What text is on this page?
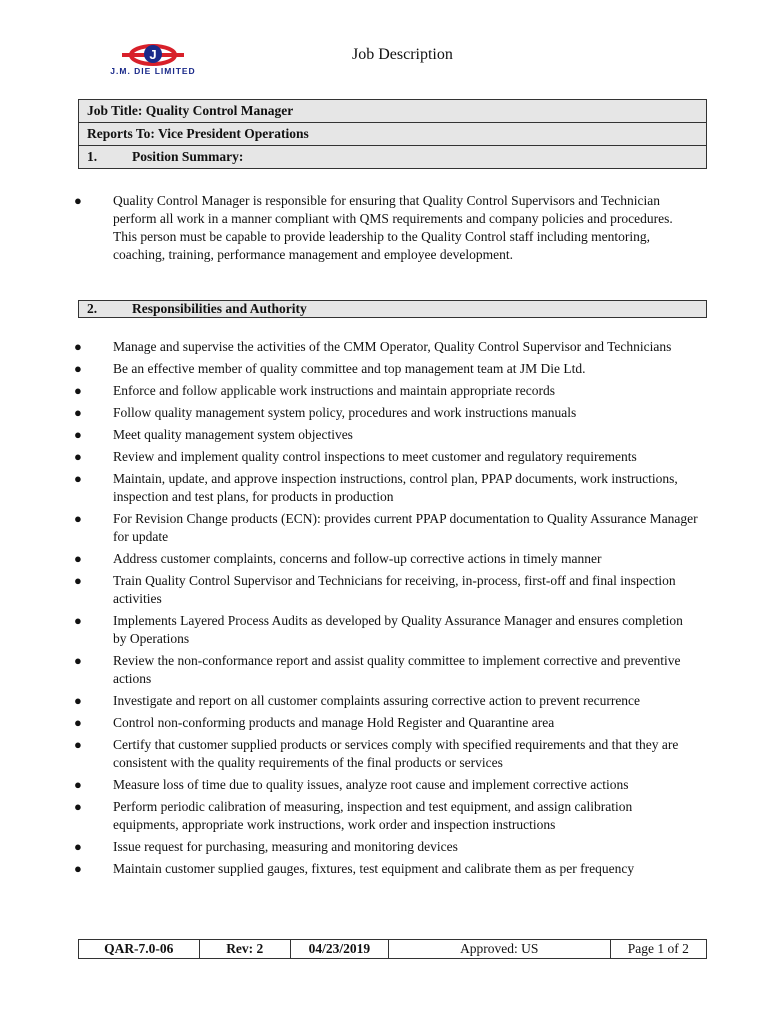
J
J.M. DIE LIMITED
Job Description
Job Title: Quality Control Manager
Reports To: Vice President Operations
1.	Position Summary:
● Quality Control Manager is responsible for ensuring that Quality Control Supervisors and Technician perform all work in a manner compliant with QMS requirements and company policies and procedures. This person must be capable to provide leadership to the Quality Control staff including mentoring, coaching, training, performance management and employee development.
2.	Responsibilities and Authority
● Manage and supervise the activities of the CMM Operator, Quality Control Supervisor and Technicians
● Be an effective member of quality committee and top management team at JM Die Ltd.
● Enforce and follow applicable work instructions and maintain appropriate records
● Follow quality management system policy, procedures and work instructions manuals
● Meet quality management system objectives
● Review and implement quality control inspections to meet customer and regulatory requirements
● Maintain, update, and approve inspection instructions, control plan, PPAP documents, work instructions, inspection and test plans, for products in production
● For Revision Change products (ECN): provides current PPAP documentation to Quality Assurance Manager for update
● Address customer complaints, concerns and follow-up corrective actions in timely manner
● Train Quality Control Supervisor and Technicians for receiving, in-process, first-off and final inspection activities
● Implements Layered Process Audits as developed by Quality Assurance Manager and ensures completion by Operations
● Review the non-conformance report and assist quality committee to implement corrective and preventive actions
● Investigate and report on all customer complaints assuring corrective action to prevent recurrence
● Control non-conforming products and manage Hold Register and Quarantine area
● Certify that customer supplied products or services comply with specified requirements and that they are consistent with the quality requirements of the final products or services
● Measure loss of time due to quality issues, analyze root cause and implement corrective actions
● Perform periodic calibration of measuring, inspection and test equipment, and assign calibration equipments, appropriate work instructions, work order and inspection instructions
● Issue request for purchasing, measuring and monitoring devices
● Maintain customer supplied gauges, fixtures, test equipment and calibrate them as per frequency
QAR-7.0-06	Rev: 2	04/23/2019	Approved: US	Page 1 of 2
